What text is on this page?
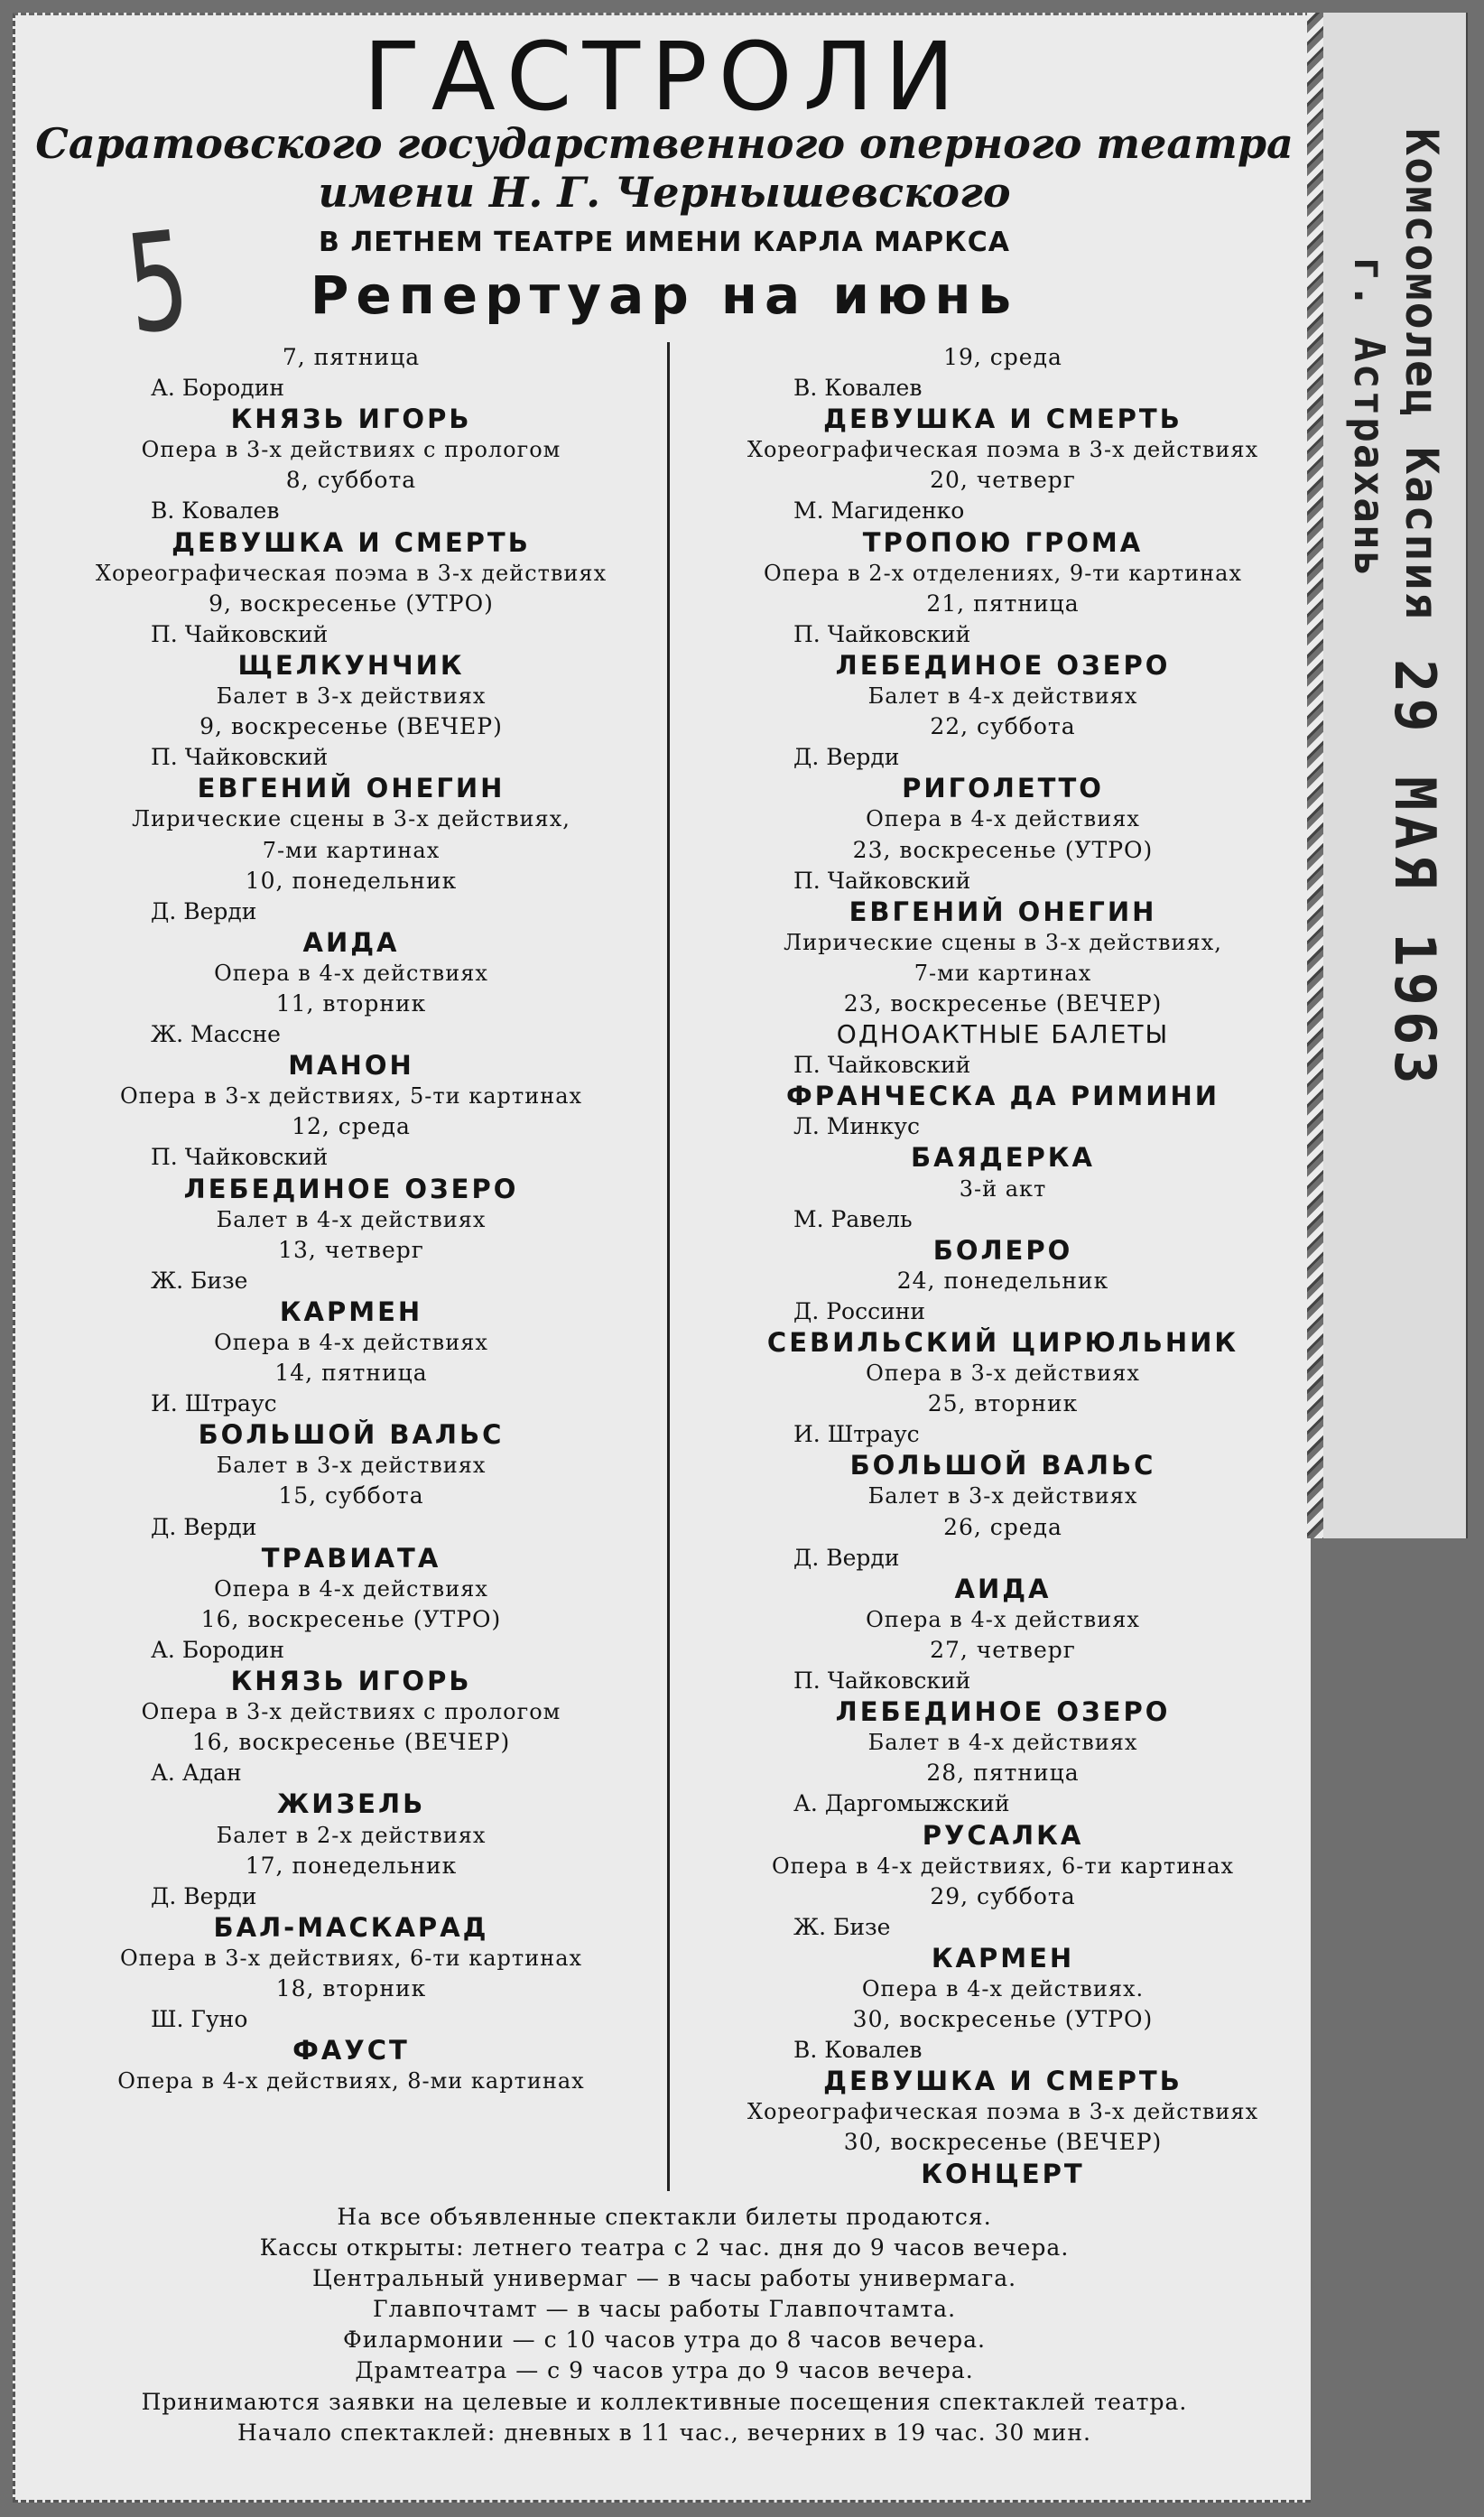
ГАСТРОЛИ
5
Саратовского государственного оперного театра
имени Н. Г. Чернышевского
В ЛЕТНЕМ ТЕАТРЕ ИМЕНИ КАРЛА МАРКСА
Репертуар на июнь
7, пятница
А. Бородин
КНЯЗЬ ИГОРЬ
Опера в 3-х действиях с прологом
8, суббота
В. Ковалев
ДЕВУШКА И СМЕРТЬ
Хореографическая поэма в 3-х действиях
9, воскресенье (УТРО)
П. Чайковский
ЩЕЛКУНЧИК
Балет в 3-х действиях
9, воскресенье (ВЕЧЕР)
П. Чайковский
ЕВГЕНИЙ ОНЕГИН
Лирические сцены в 3-х действиях,
7-ми картинах
10, понедельник
Д. Верди
АИДА
Опера в 4-х действиях
11, вторник
Ж. Массне
МАНОН
Опера в 3-х действиях, 5-ти картинах
12, среда
П. Чайковский
ЛЕБЕДИНОЕ ОЗЕРО
Балет в 4-х действиях
13, четверг
Ж. Бизе
КАРМЕН
Опера в 4-х действиях
14, пятница
И. Штраус
БОЛЬШОЙ ВАЛЬС
Балет в 3-х действиях
15, суббота
Д. Верди
ТРАВИАТА
Опера в 4-х действиях
16, воскресенье (УТРО)
А. Бородин
КНЯЗЬ ИГОРЬ
Опера в 3-х действиях с прологом
16, воскресенье (ВЕЧЕР)
А. Адан
ЖИЗЕЛЬ
Балет в 2-х действиях
17, понедельник
Д. Верди
БАЛ-МАСКАРАД
Опера в 3-х действиях, 6-ти картинах
18, вторник
Ш. Гуно
ФАУСТ
Опера в 4-х действиях, 8-ми картинах
19, среда
В. Ковалев
ДЕВУШКА И СМЕРТЬ
Хореографическая поэма в 3-х действиях
20, четверг
М. Магиденко
ТРОПОЮ ГРОМА
Опера в 2-х отделениях, 9-ти картинах
21, пятница
П. Чайковский
ЛЕБЕДИНОЕ ОЗЕРО
Балет в 4-х действиях
22, суббота
Д. Верди
РИГОЛЕТТО
Опера в 4-х действиях
23, воскресенье (УТРО)
П. Чайковский
ЕВГЕНИЙ ОНЕГИН
Лирические сцены в 3-х действиях,
7-ми картинах
23, воскресенье (ВЕЧЕР)
ОДНОАКТНЫЕ БАЛЕТЫ
П. Чайковский
ФРАНЧЕСКА ДА РИМИНИ
Л. Минкус
БАЯДЕРКА
3-й акт
М. Равель
БОЛЕРО
24, понедельник
Д. Россини
СЕВИЛЬСКИЙ ЦИРЮЛЬНИК
Опера в 3-х действиях
25, вторник
И. Штраус
БОЛЬШОЙ ВАЛЬС
Балет в 3-х действиях
26, среда
Д. Верди
АИДА
Опера в 4-х действиях
27, четверг
П. Чайковский
ЛЕБЕДИНОЕ ОЗЕРО
Балет в 4-х действиях
28, пятница
А. Даргомыжский
РУСАЛКА
Опера в 4-х действиях, 6-ти картинах
29, суббота
Ж. Бизе
КАРМЕН
Опера в 4-х действиях.
30, воскресенье (УТРО)
В. Ковалев
ДЕВУШКА И СМЕРТЬ
Хореографическая поэма в 3-х действиях
30, воскресенье (ВЕЧЕР)
КОНЦЕРТ
На все объявленные спектакли билеты продаются.
Кассы открыты: летнего театра с 2 час. дня до 9 часов вечера.
Центральный универмаг — в часы работы универмага.
Главпочтамт — в часы работы Главпочтамта.
Филармонии — с 10 часов утра до 8 часов вечера.
Драмтеатра — с 9 часов утра до 9 часов вечера.
Принимаются заявки на целевые и коллективные посещения спектаклей театра.
Начало спектаклей: дневных в 11 час., вечерних в 19 час. 30 мин.
Комсомолец Каспия
г. Астрахань
29 МАЯ 1963
